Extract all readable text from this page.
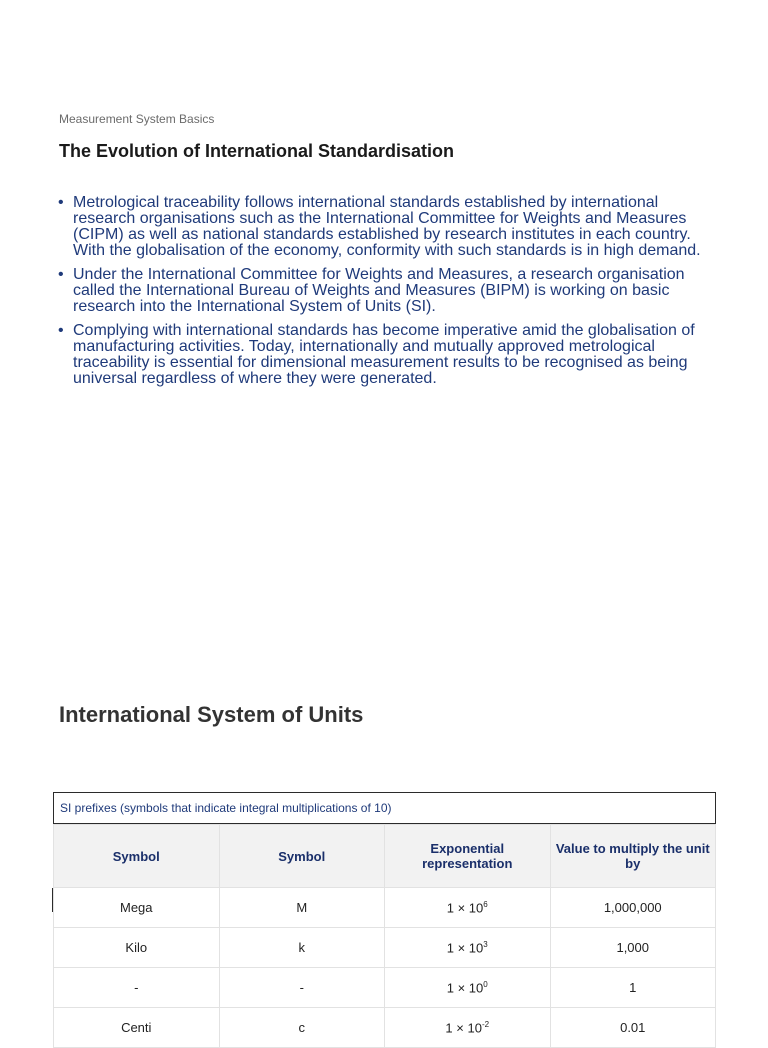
Measurement System Basics
The Evolution of International Standardisation
• Metrological traceability follows international standards established by international research organisations such as the International Committee for Weights and Measures (CIPM) as well as national standards established by research institutes in each country. With the globalisation of the economy, conformity with such standards is in high demand.
• Under the International Committee for Weights and Measures, a research organisation called the International Bureau of Weights and Measures (BIPM) is working on basic research into the International System of Units (SI).
• Complying with international standards has become imperative amid the globalisation of manufacturing activities. Today, internationally and mutually approved metrological traceability is essential for dimensional measurement results to be recognised as being universal regardless of where they were generated.
International System of Units
SI prefixes (symbols that indicate integral multiplications of 10)
Symbol	Symbol	Exponential representation	Value to multiply the unit by
Mega	M	$1 \times 10^6$	1,000,000
Kilo	k	$1 \times 10^3$	1,000
-	-	$1 \times 10^0$	1
Centi	c	$1 \times 10^{-2}$	0.01
